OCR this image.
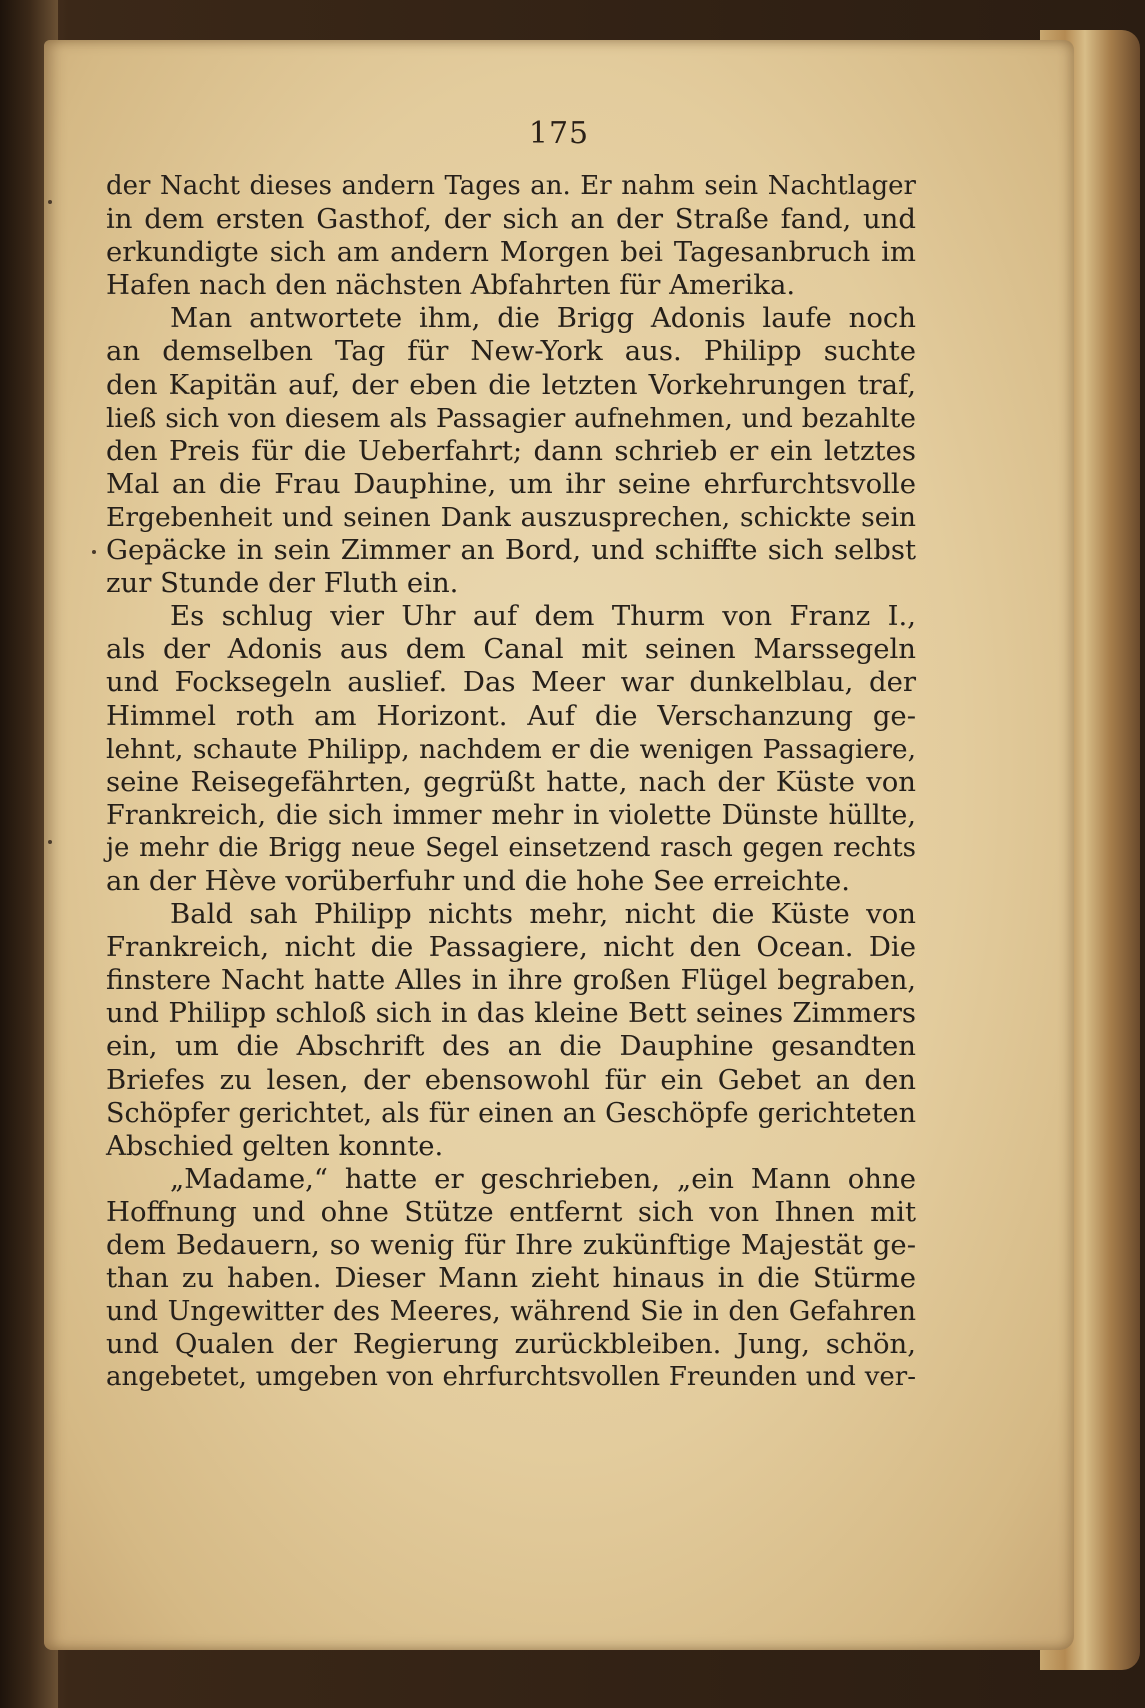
175
der Nacht dieses andern Tages an. Er nahm sein Nachtlager
in dem ersten Gasthof, der sich an der Straße fand, und
erkundigte sich am andern Morgen bei Tagesanbruch im
Hafen nach den nächsten Abfahrten für Amerika.
Man antwortete ihm, die Brigg Adonis laufe noch
an demselben Tag für New-York aus. Philipp suchte
den Kapitän auf, der eben die letzten Vorkehrungen traf,
ließ sich von diesem als Passagier aufnehmen, und bezahlte
den Preis für die Ueberfahrt; dann schrieb er ein letztes
Mal an die Frau Dauphine, um ihr seine ehrfurchtsvolle
Ergebenheit und seinen Dank auszusprechen, schickte sein
Gepäcke in sein Zimmer an Bord, und schiffte sich selbst
zur Stunde der Fluth ein.
Es schlug vier Uhr auf dem Thurm von Franz I.,
als der Adonis aus dem Canal mit seinen Marssegeln
und Focksegeln auslief. Das Meer war dunkelblau, der
Himmel roth am Horizont. Auf die Verschanzung ge-
lehnt, schaute Philipp, nachdem er die wenigen Passagiere,
seine Reisegefährten, gegrüßt hatte, nach der Küste von
Frankreich, die sich immer mehr in violette Dünste hüllte,
je mehr die Brigg neue Segel einsetzend rasch gegen rechts
an der Hève vorüberfuhr und die hohe See erreichte.
Bald sah Philipp nichts mehr, nicht die Küste von
Frankreich, nicht die Passagiere, nicht den Ocean. Die
finstere Nacht hatte Alles in ihre großen Flügel begraben,
und Philipp schloß sich in das kleine Bett seines Zimmers
ein, um die Abschrift des an die Dauphine gesandten
Briefes zu lesen, der ebensowohl für ein Gebet an den
Schöpfer gerichtet, als für einen an Geschöpfe gerichteten
Abschied gelten konnte.
„Madame,“ hatte er geschrieben, „ein Mann ohne
Hoffnung und ohne Stütze entfernt sich von Ihnen mit
dem Bedauern, so wenig für Ihre zukünftige Majestät ge-
than zu haben. Dieser Mann zieht hinaus in die Stürme
und Ungewitter des Meeres, während Sie in den Gefahren
und Qualen der Regierung zurückbleiben. Jung, schön,
angebetet, umgeben von ehrfurchtsvollen Freunden und ver-
